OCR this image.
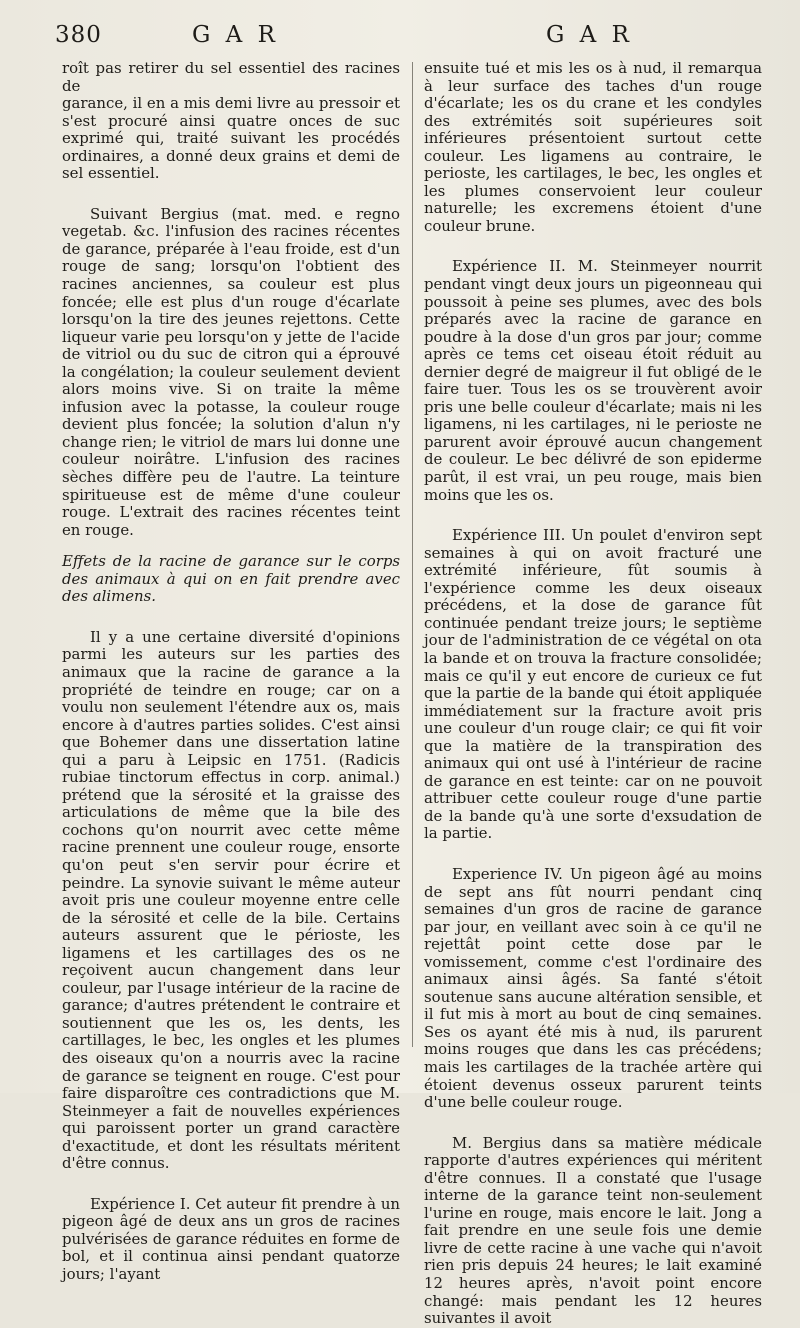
380	G A R	G A R

roît pas retirer du sel essentiel des racines de

garance, il en a mis demi livre au pressoir et s'est procuré ainsi quatre onces de suc exprimé qui, traité suivant les procédés ordinaires, a donné deux grains et demi de sel essentiel.

Suivant Bergius (mat. med. e regno vegetab. &c. l'infusion des racines récentes de garance, préparée à l'eau froide, est d'un rouge de sang; lorsqu'on l'obtient des racines anciennes, sa couleur est plus foncée; elle est plus d'un rouge d'écarlate lorsqu'on la tire des jeunes rejettons. Cette liqueur varie peu lorsqu'on y jette de l'acide de vitriol ou du suc de citron qui a éprouvé la congélation; la couleur seulement devient alors moins vive. Si on traite la même infusion avec la potasse, la couleur rouge devient plus foncée; la solution d'alun n'y change rien; le vitriol de mars lui donne une couleur noirâtre. L'infusion des racines sèches diffère peu de l'autre. La teinture spiritueuse est de même d'une couleur rouge. L'extrait des racines récentes teint en rouge.

Effets de la racine de garance sur le corps des animaux à qui on en fait prendre avec des alimens.

Il y a une certaine diversité d'opinions parmi les auteurs sur les parties des animaux que la racine de garance a la propriété de teindre en rouge; car on a voulu non seulement l'étendre aux os, mais encore à d'autres parties solides. C'est ainsi que Bohemer dans une dissertation latine qui a paru à Leipsic en 1751. (Radicis rubiae tinctorum effectus in corp. animal.) prétend que la sérosité et la graisse des articulations de même que la bile des cochons qu'on nourrit avec cette même racine prennent une couleur rouge, ensorte qu'on peut s'en servir pour écrire et peindre. La synovie suivant le même auteur avoit pris une couleur moyenne entre celle de la sérosité et celle de la bile. Certains auteurs assurent que le périoste, les ligamens et les cartillages des os ne reçoivent aucun changement dans leur couleur, par l'usage intérieur de la racine de garance; d'autres prétendent le contraire et soutiennent que les os, les dents, les cartillages, le bec, les ongles et les plumes des oiseaux qu'on a nourris avec la racine de garance se teignent en rouge. C'est pour faire disparoître ces contradictions que M. Steinmeyer a fait de nouvelles expériences qui paroissent porter un grand caractère d'exactitude, et dont les résultats méritent d'être connus.

Expérience I. Cet auteur fit prendre à un pigeon âgé de deux ans un gros de racines pulvérisées de garance réduites en forme de bol, et il continua ainsi pendant quatorze jours; l'ayant

ensuite tué et mis les os à nud, il remarqua à leur surface des taches d'un rouge d'écarlate; les os du crane et les condyles des extrémités soit supérieures soit inférieures présentoient surtout cette couleur. Les ligamens au contraire, le perioste, les cartilages, le bec, les ongles et les plumes conservoient leur couleur naturelle; les excremens étoient d'une couleur brune.

Expérience II. M. Steinmeyer nourrit pendant vingt deux jours un pigeonneau qui poussoit à peine ses plumes, avec des bols préparés avec la racine de garance en poudre à la dose d'un gros par jour; comme après ce tems cet oiseau étoit réduit au dernier degré de maigreur il fut obligé de le faire tuer. Tous les os se trouvèrent avoir pris une belle couleur d'écarlate; mais ni les ligamens, ni les cartilages, ni le perioste ne parurent avoir éprouvé aucun changement de couleur. Le bec délivré de son epiderme parût, il est vrai, un peu rouge, mais bien moins que les os.

Expérience III. Un poulet d'environ sept semaines à qui on avoit fracturé une extrémité inférieure, fût soumis à l'expérience comme les deux oiseaux précédens, et la dose de garance fût continuée pendant treize jours; le septième jour de l'administration de ce végétal on ota la bande et on trouva la fracture consolidée; mais ce qu'il y eut encore de curieux ce fut que la partie de la bande qui étoit appliquée immédiatement sur la fracture avoit pris une couleur d'un rouge clair; ce qui fit voir que la matière de la transpiration des animaux qui ont usé à l'intérieur de racine de garance en est teinte: car on ne pouvoit attribuer cette couleur rouge d'une partie de la bande qu'à une sorte d'exsudation de la partie.

Experience IV. Un pigeon âgé au moins de sept ans fût nourri pendant cinq semaines d'un gros de racine de garance par jour, en veillant avec soin à ce qu'il ne rejettât point cette dose par le vomissement, comme c'est l'ordinaire des animaux ainsi âgés. Sa fanté s'étoit soutenue sans aucune altération sensible, et il fut mis à mort au bout de cinq semaines. Ses os ayant été mis à nud, ils parurent moins rouges que dans les cas précédens; mais les cartilages de la trachée artère qui étoient devenus osseux parurent teints d'une belle couleur rouge.

M. Bergius dans sa matière médicale rapporte d'autres expériences qui méritent d'être connues. Il a constaté que l'usage interne de la garance teint non-seulement l'urine en rouge, mais encore le lait. Jong a fait prendre en une seule fois une demie livre de cette racine à une vache qui n'avoit rien pris depuis 24 heures; le lait examiné 12 heures après, n'avoit point encore changé: mais pendant les 12 heures suivantes il avoit
